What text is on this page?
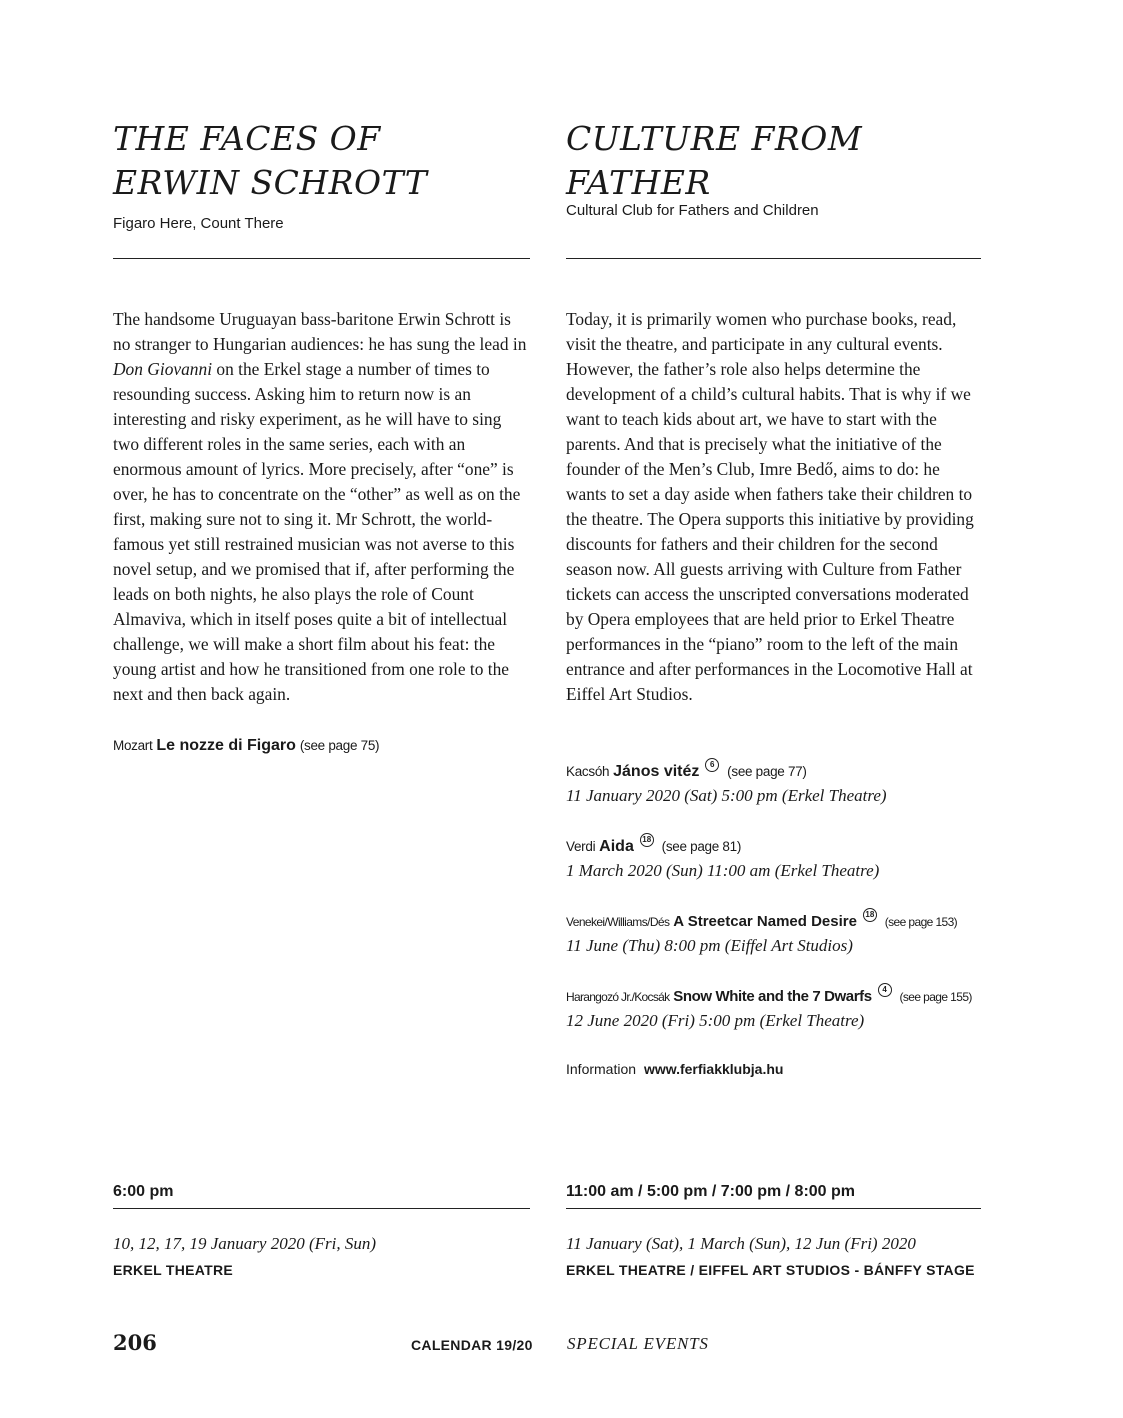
THE FACES OF
ERWIN SCHROTT

Figaro Here, Count There

CULTURE FROM FATHER

Cultural Club for Fathers and Children

The handsome Uruguayan bass-baritone Erwin Schrott is no stranger to Hungarian audiences: he has sung the lead in Don Giovanni on the Erkel stage a number of times to resounding success. Asking him to return now is an interesting and risky experiment, as he will have to sing two different roles in the same series, each with an enormous amount of lyrics. More precisely, after “one” is over, he has to concentrate on the “other” as well as on the first, making sure not to sing it. Mr Schrott, the world-famous yet still restrained musician was not averse to this novel setup, and we promised that if, after performing the leads on both nights, he also plays the role of Count Almaviva, which in itself poses quite a bit of intellectual challenge, we will make a short film about his feat: the young artist and how he transitioned from one role to the next and then back again.

Mozart Le nozze di Figaro (see page 75)

Today, it is primarily women who purchase books, read, visit the theatre, and participate in any cultural events. However, the father’s role also helps determine the development of a child’s cultural habits. That is why if we want to teach kids about art, we have to start with the parents. And that is precisely what the initiative of the founder of the Men’s Club, Imre Bedő, aims to do: he wants to set a day aside when fathers take their children to the theatre. The Opera supports this initiative by providing discounts for fathers and their children for the second season now. All guests arriving with Culture from Father tickets can access the unscripted conversations moderated by Opera employees that are held prior to Erkel Theatre performances in the “piano” room to the left of the main entrance and after performances in the Locomotive Hall at Eiffel Art Studios.

Kacsóh János vitéz 6 (see page 77)

11 January 2020 (Sat) 5:00 pm (Erkel Theatre)

Verdi Aida 18 (see page 81)

1 March 2020 (Sun) 11:00 am (Erkel Theatre)

Venekei/Williams/Dés A Streetcar Named Desire 18 (see page 153)

11 June (Thu) 8:00 pm (Eiffel Art Studios)

Harangozó Jr./Kocsák Snow White and the 7 Dwarfs 4 (see page 155)

12 June 2020 (Fri) 5:00 pm (Erkel Theatre)

Information www.ferfiakklubja.hu
6:00 pm
10, 12, 17, 19 January 2020 (Fri, Sun)
ERKEL THEATRE
11:00 am / 5:00 pm / 7:00 pm / 8:00 pm
11 January (Sat), 1 March (Sun), 12 Jun (Fri) 2020
ERKEL THEATRE / EIFFEL ART STUDIOS - BÁNFFY STAGE
206	CALENDAR 19/20 SPECIAL EVENTS
